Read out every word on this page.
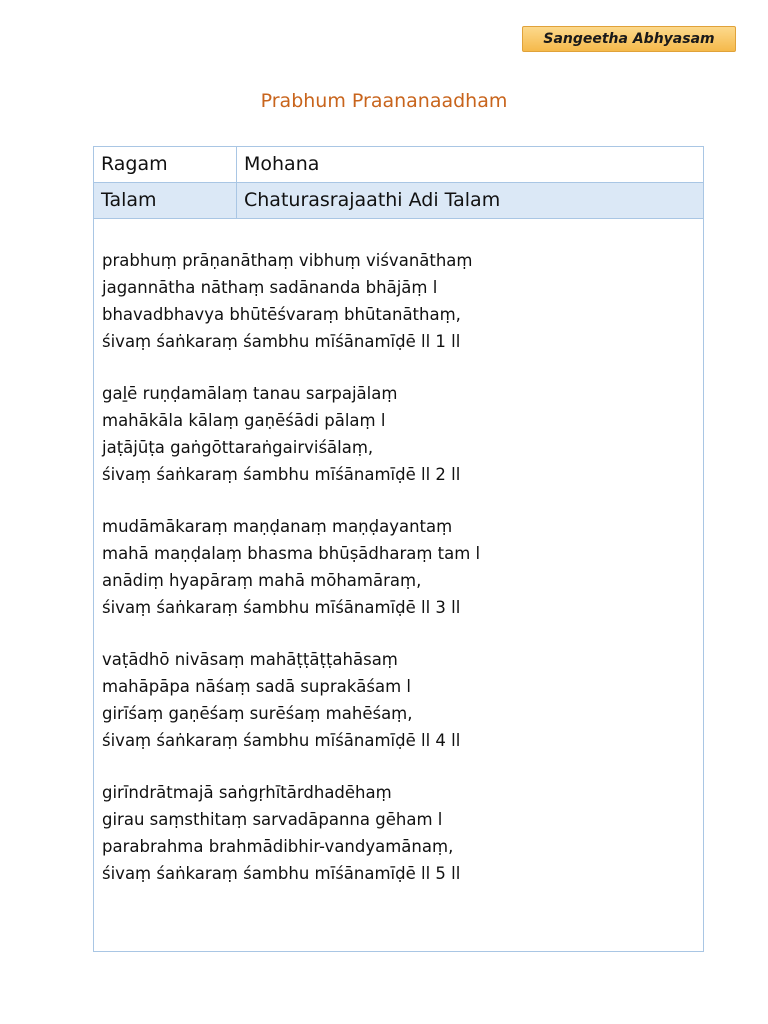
Sangeetha Abhyasam
Prabhum Praananaadham
Ragam	Mohana
Talam	Chaturasrajaathi Adi Talam
prabhuṃ prāṇanāthaṃ vibhuṃ viśvanāthaṃ
jagannātha nāthaṃ sadānanda bhājāṃ l
bhavadbhavya bhūtēśvaraṃ bhūtanāthaṃ,
śivaṃ śaṅkaraṃ śambhu mīśānamīḍē ll 1 ll
gaḻē ruṇḍamālaṃ tanau sarpajālaṃ
mahākāla kālaṃ gaṇēśādi pālaṃ l
jaṭājūṭa gaṅgōttaraṅgairviśālaṃ,
śivaṃ śaṅkaraṃ śambhu mīśānamīḍē ll 2 ll
mudāmākaraṃ maṇḍanaṃ maṇḍayantaṃ
mahā maṇḍalaṃ bhasma bhūṣādharaṃ tam l
anādiṃ hyapāraṃ mahā mōhamāraṃ,
śivaṃ śaṅkaraṃ śambhu mīśānamīḍē ll 3 ll
vaṭādhō nivāsaṃ mahāṭṭāṭṭahāsaṃ
mahāpāpa nāśaṃ sadā suprakāśam l
girīśaṃ gaṇēśaṃ surēśaṃ mahēśaṃ,
śivaṃ śaṅkaraṃ śambhu mīśānamīḍē ll 4 ll
girīndrātmajā saṅgṛhītārdhadēhaṃ
girau saṃsthitaṃ sarvadāpanna gēham l
parabrahma brahmādibhir-vandyamānaṃ,
śivaṃ śaṅkaraṃ śambhu mīśānamīḍē ll 5 ll
